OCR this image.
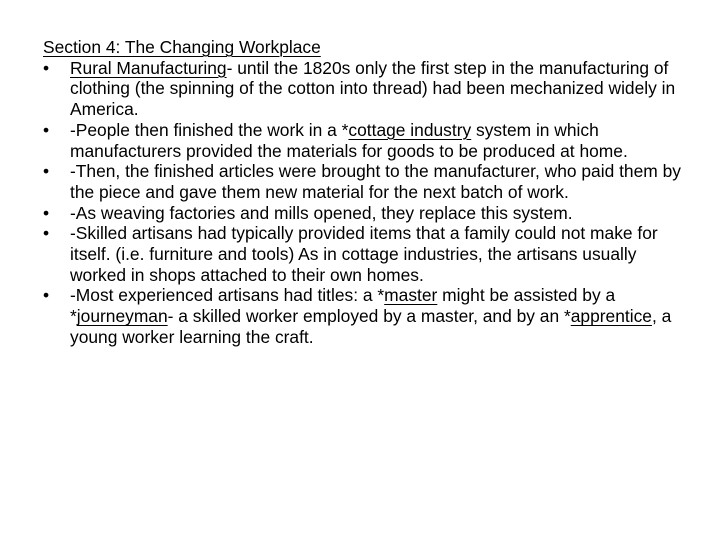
Section 4: The Changing Workplace
•	Rural Manufacturing- until the 1820s only the first step in the manufacturing of clothing (the spinning of the cotton into thread) had been mechanized widely in America.
•	-People then finished the work in a *cottage industry system in which manufacturers provided the materials for goods to be produced at home.
•	-Then, the finished articles were brought to the manufacturer, who paid them by the piece and gave them new material for the next batch of work.
•	-As weaving factories and mills opened, they replace this system.
•	-Skilled artisans had typically provided items that a family could not make for itself. (i.e. furniture and tools) As in cottage industries, the artisans usually worked in shops attached to their own homes.
•	-Most experienced artisans had titles: a *master might be assisted by a *journeyman- a skilled worker employed by a master, and by an *apprentice, a young worker learning the craft.
